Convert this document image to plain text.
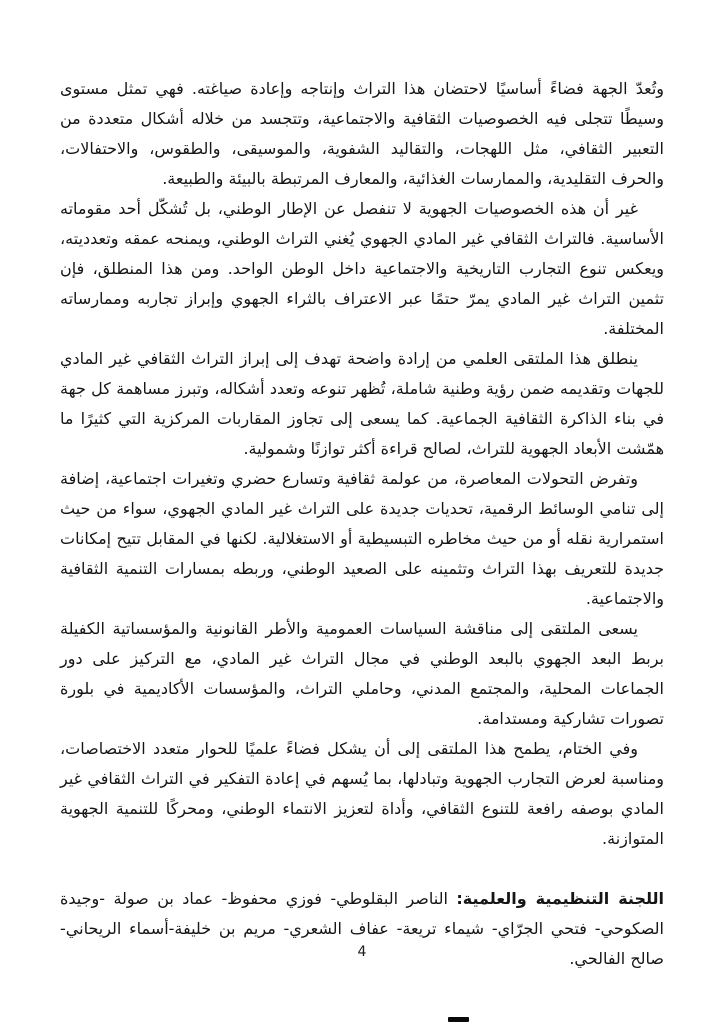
وتُعدّ الجهة فضاءً أساسيًا لاحتضان هذا التراث وإنتاجه وإعادة صياغته. فهي تمثل مستوى وسيطًا تتجلى فيه الخصوصيات الثقافية والاجتماعية، وتتجسد من خلاله أشكال متعددة من التعبير الثقافي، مثل اللهجات، والتقاليد الشفوية، والموسيقى، والطقوس، والاحتفالات، والحرف التقليدية، والممارسات الغذائية، والمعارف المرتبطة بالبيئة والطبيعة.

غير أن هذه الخصوصيات الجهوية لا تنفصل عن الإطار الوطني، بل تُشكّل أحد مقوماته الأساسية. فالتراث الثقافي غير المادي الجهوي يُغني التراث الوطني، ويمنحه عمقه وتعدديته، ويعكس تنوع التجارب التاريخية والاجتماعية داخل الوطن الواحد. ومن هذا المنطلق، فإن تثمين التراث غير المادي يمرّ حتمًا عبر الاعتراف بالثراء الجهوي وإبراز تجاربه وممارساته المختلفة.

ينطلق هذا الملتقى العلمي من إرادة واضحة تهدف إلى إبراز التراث الثقافي غير المادي للجهات وتقديمه ضمن رؤية وطنية شاملة، تُظهر تنوعه وتعدد أشكاله، وتبرز مساهمة كل جهة في بناء الذاكرة الثقافية الجماعية. كما يسعى إلى تجاوز المقاربات المركزية التي كثيرًا ما همّشت الأبعاد الجهوية للتراث، لصالح قراءة أكثر توازنًا وشمولية.

وتفرض التحولات المعاصرة، من عولمة ثقافية وتسارع حضري وتغيرات اجتماعية، إضافة إلى تنامي الوسائط الرقمية، تحديات جديدة على التراث غير المادي الجهوي، سواء من حيث استمرارية نقله أو من حيث مخاطره التبسيطية أو الاستغلالية. لكنها في المقابل تتيح إمكانات جديدة للتعريف بهذا التراث وتثمينه على الصعيد الوطني، وربطه بمسارات التنمية الثقافية والاجتماعية.

يسعى الملتقى إلى مناقشة السياسات العمومية والأطر القانونية والمؤسساتية الكفيلة بربط البعد الجهوي بالبعد الوطني في مجال التراث غير المادي، مع التركيز على دور الجماعات المحلية، والمجتمع المدني، وحاملي التراث، والمؤسسات الأكاديمية في بلورة تصورات تشاركية ومستدامة.

وفي الختام، يطمح هذا الملتقى إلى أن يشكل فضاءً علميًا للحوار متعدد الاختصاصات، ومناسبة لعرض التجارب الجهوية وتبادلها، بما يُسهم في إعادة التفكير في التراث الثقافي غير المادي بوصفه رافعة للتنوع الثقافي، وأداة لتعزيز الانتماء الوطني، ومحركًا للتنمية الجهوية المتوازنة.

اللجنة التنظيمية والعلمية: الناصر البقلوطي- فوزي محفوظ- عماد بن صولة -وجيدة الصكوحي- فتحي الجرّاي- شيماء تريعة- عفاف الشعري- مريم بن خليفة-أسماء الريحاني- صالح الفالحي.

4
